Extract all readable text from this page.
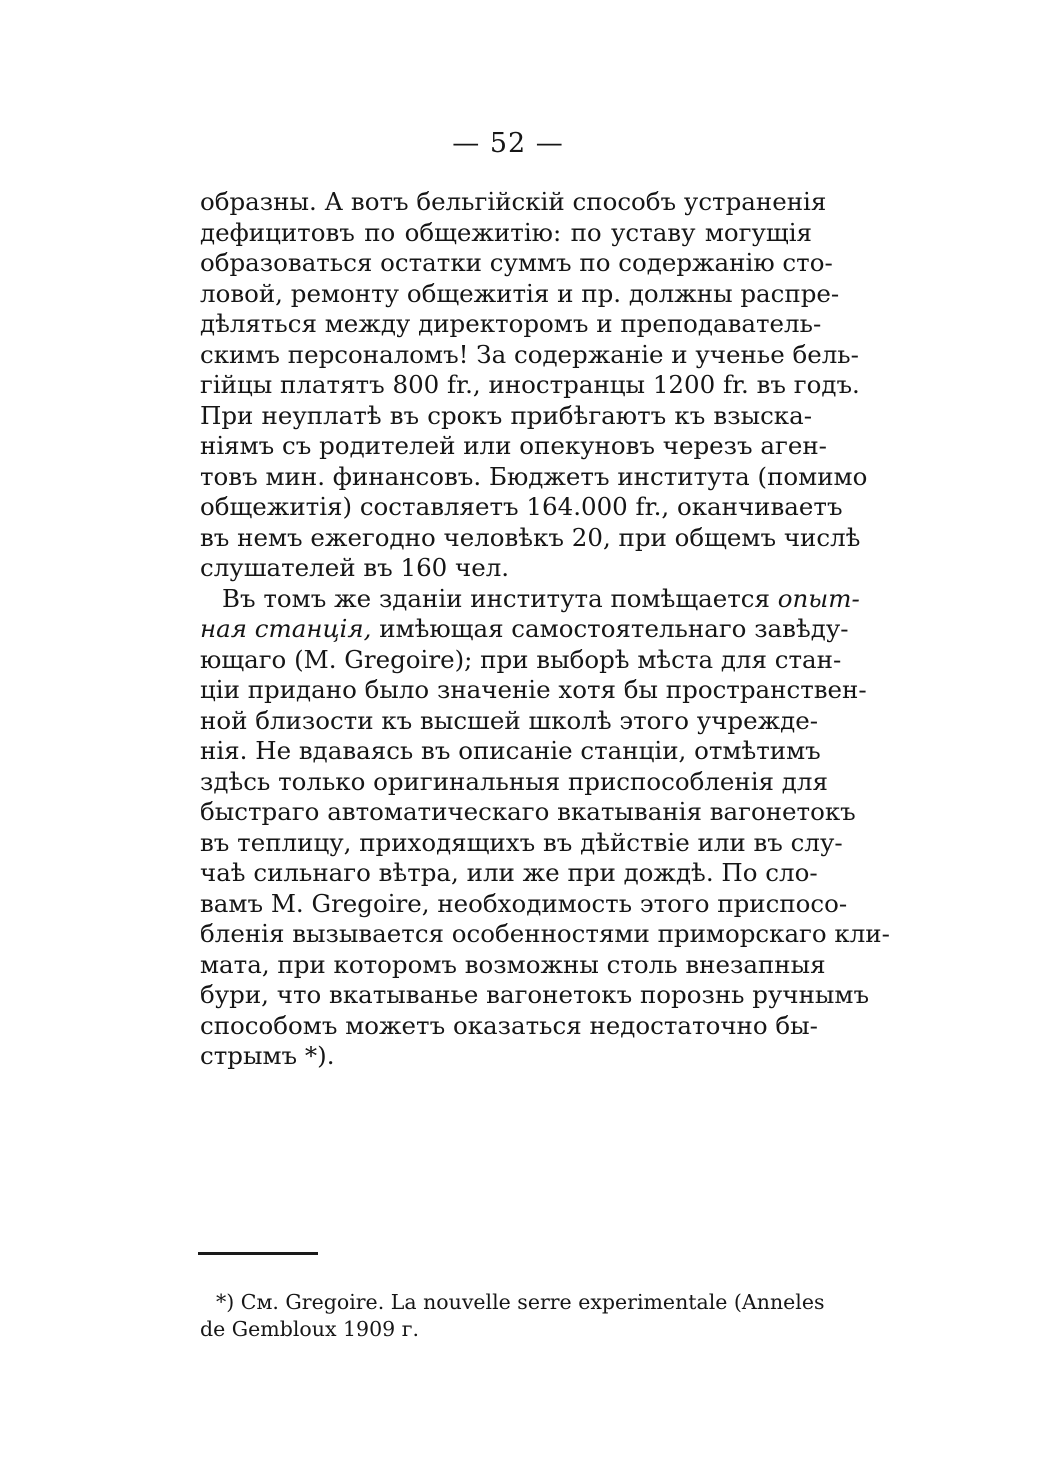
— 52 —
образны. А вотъ бельгійскій способъ устраненія
дефицитовъ по общежитію: по уставу могущія
образоваться остатки суммъ по содержанію сто-
ловой, ремонту общежитія и пр. должны распре-
дѣляться между директоромъ и преподаватель-
скимъ персоналомъ! За содержаніе и ученье бель-
гійцы платятъ 800 fr., иностранцы 1200 fr. въ годъ.
При неуплатѣ въ срокъ прибѣгаютъ къ взыска-
ніямъ съ родителей или опекуновъ черезъ аген-
товъ мин. финансовъ. Бюджетъ института (помимо
общежитія) составляетъ 164.000 fr., оканчиваетъ
въ немъ ежегодно человѣкъ 20, при общемъ числѣ
слушателей въ 160 чел.
Въ томъ же зданіи института помѣщается опыт-
ная станція, имѣющая самостоятельнаго завѣду-
ющаго (M. Gregoire); при выборѣ мѣста для стан-
ціи придано было значеніе хотя бы пространствен-
ной близости къ высшей школѣ этого учрежде-
нія. Не вдаваясь въ описаніе станціи, отмѣтимъ
здѣсь только оригинальныя приспособленія для
быстраго автоматическаго вкатыванія вагонетокъ
въ теплицу, приходящихъ въ дѣйствіе или въ слу-
чаѣ сильнаго вѣтра, или же при дождѣ. По сло-
вамъ M. Gregoire, необходимость этого приспосо-
бленія вызывается особенностями приморскаго кли-
мата, при которомъ возможны столь внезапныя
бури, что вкатыванье вагонетокъ порознь ручнымъ
способомъ можетъ оказаться недостаточно бы-
стрымъ *).
*) См. Gregoire. La nouvelle serre experimentale (Anneles
de Gembloux 1909 г.
